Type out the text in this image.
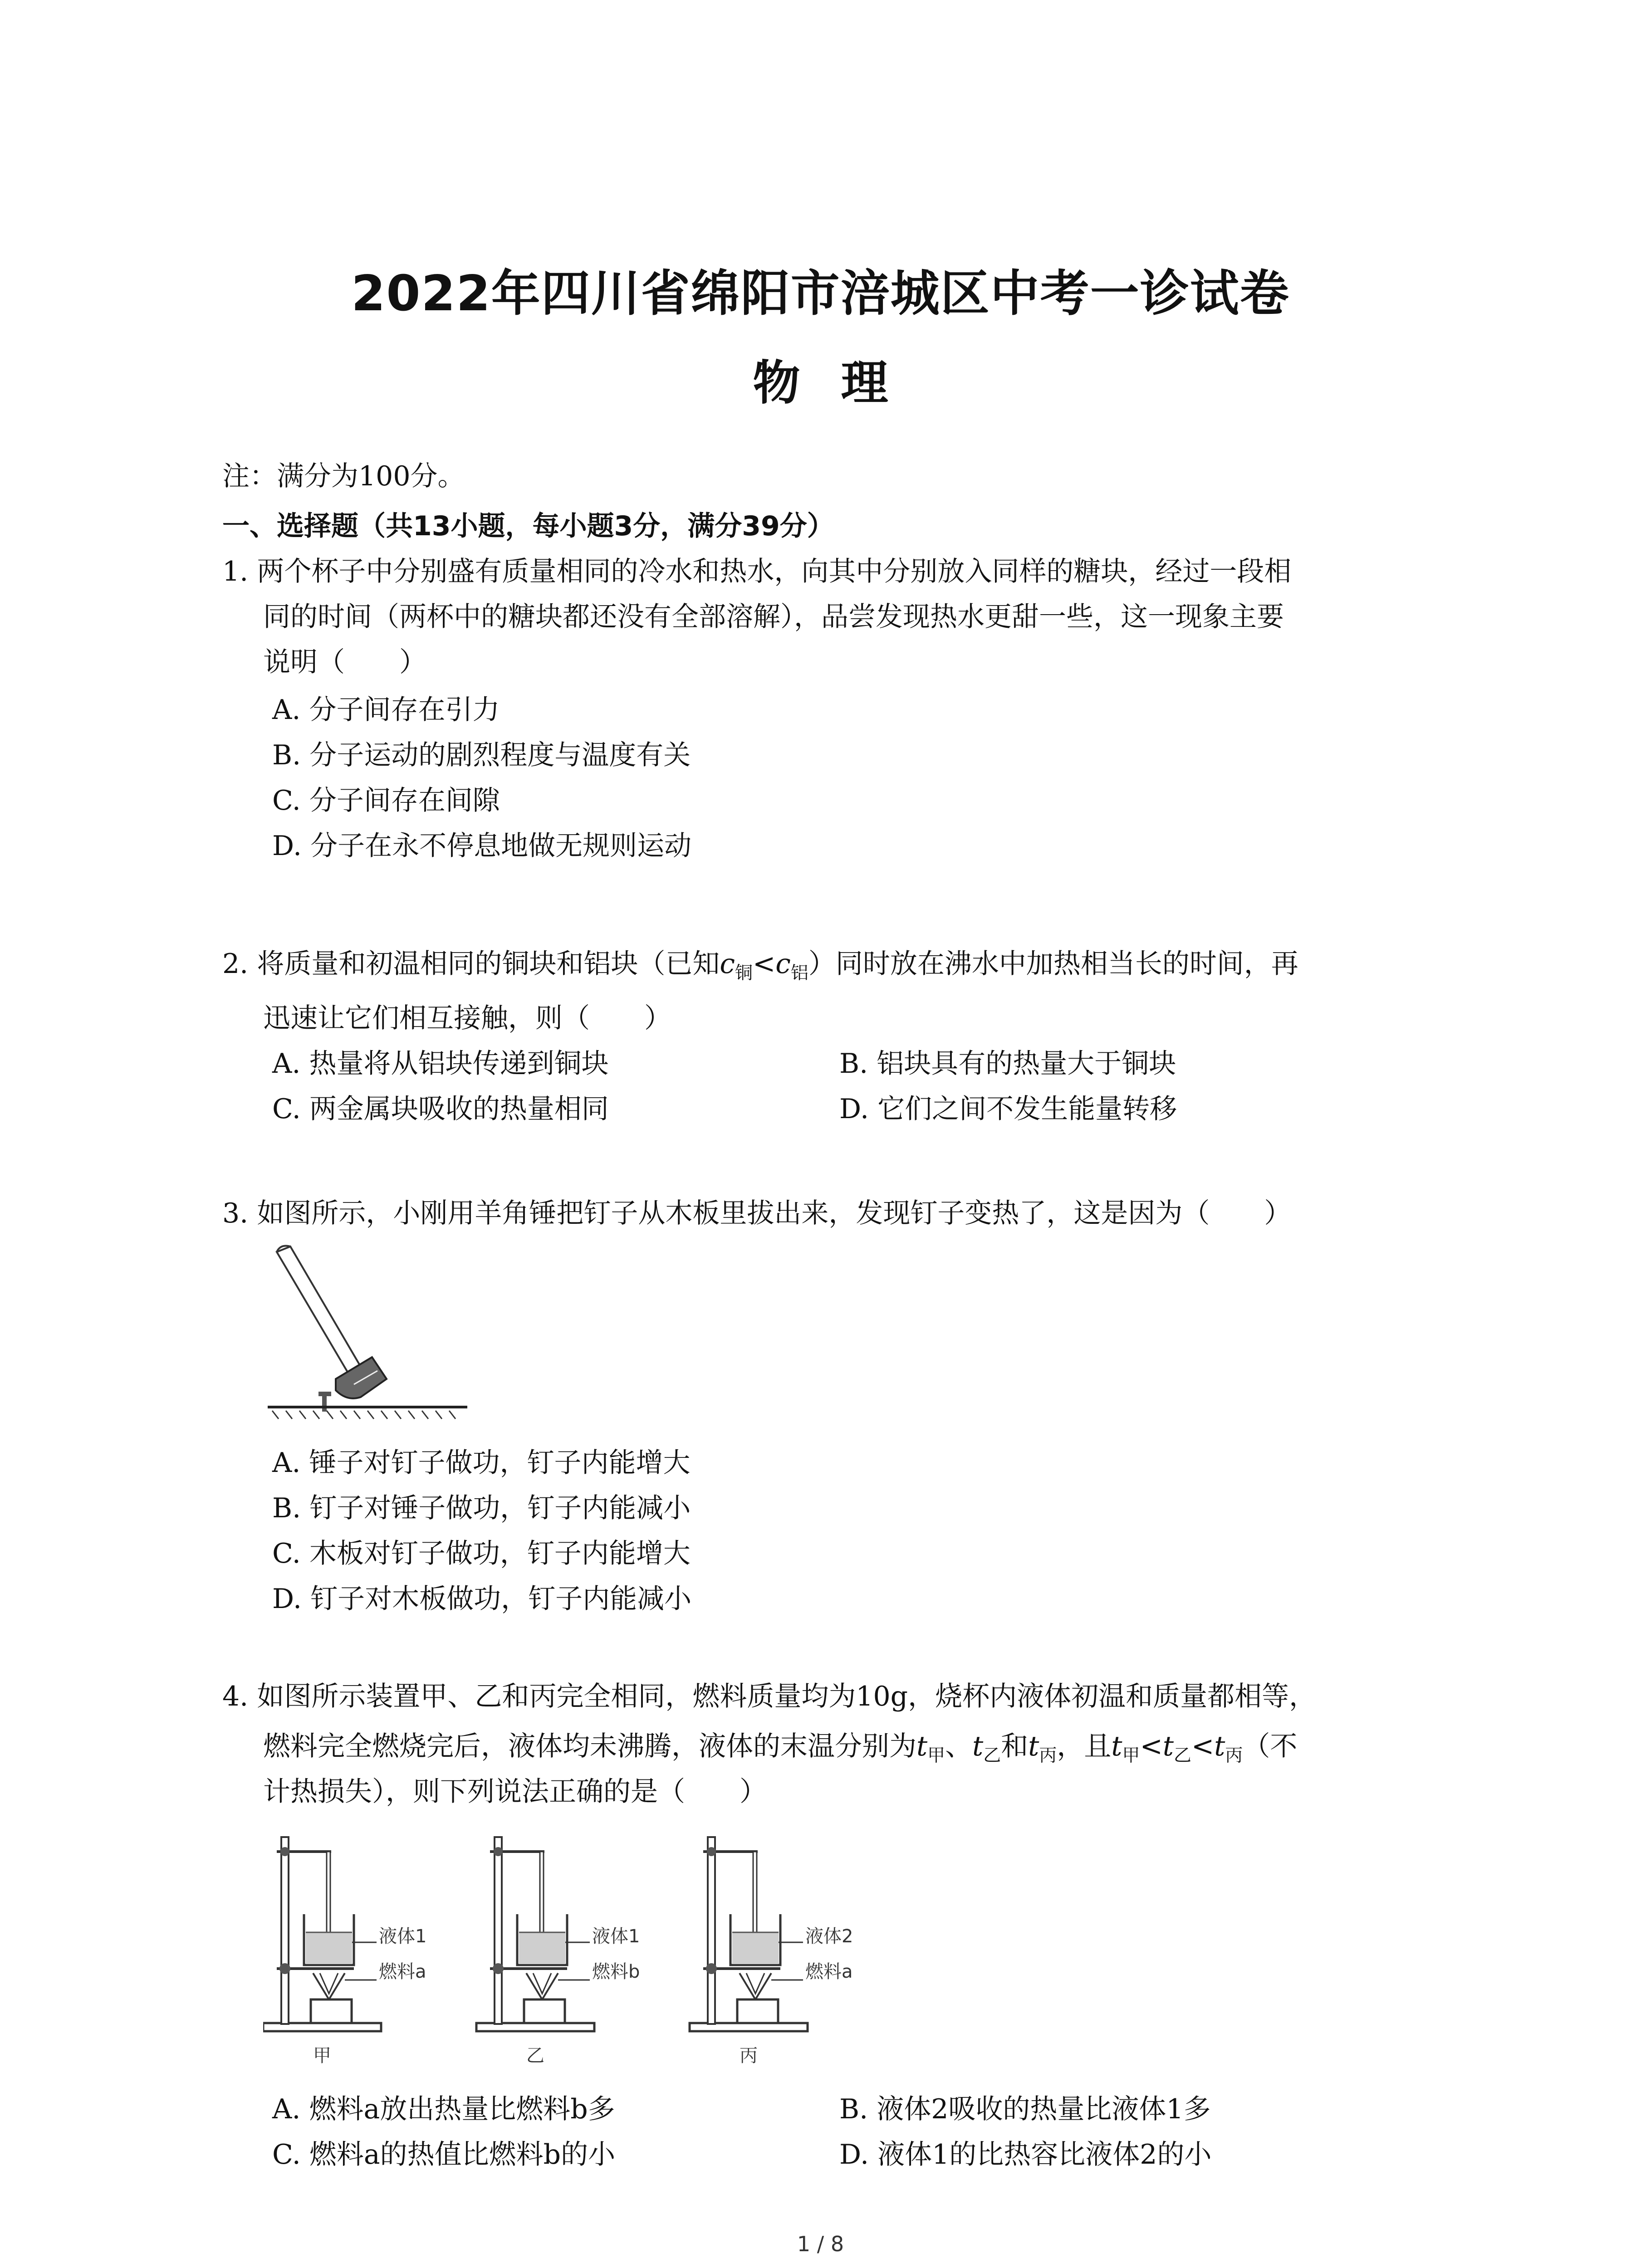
2022年四川省绵阳市涪城区中考一诊试卷
物理
注：满分为100分。
一、选择题（共13小题，每小题3分，满分39分）
1. 两个杯子中分别盛有质量相同的冷水和热水，向其中分别放入同样的糖块，经过一段相
同的时间（两杯中的糖块都还没有全部溶解），品尝发现热水更甜一些，这一现象主要
说明（　　）
A. 分子间存在引力
B. 分子运动的剧烈程度与温度有关
C. 分子间存在间隙
D. 分子在永不停息地做无规则运动
2. 将质量和初温相同的铜块和铝块（已知$c_铜<c_铝$）同时放在沸水中加热相当长的时间，再
迅速让它们相互接触，则（　　）
A. 热量将从铝块传递到铜块	B. 铝块具有的热量大于铜块
C. 两金属块吸收的热量相同	D. 它们之间不发生能量转移
3. 如图所示，小刚用羊角锤把钉子从木板里拔出来，发现钉子变热了，这是因为（　　）
A. 锤子对钉子做功，钉子内能增大
B. 钉子对锤子做功，钉子内能减小
C. 木板对钉子做功，钉子内能增大
D. 钉子对木板做功，钉子内能减小
4. 如图所示装置甲、乙和丙完全相同，燃料质量均为10g，烧杯内液体初温和质量都相等，
燃料完全燃烧完后，液体均未沸腾，液体的末温分别为$t_甲$、$t_乙$和$t_丙$，且$t_甲<t_乙<t_丙$（不
计热损失），则下列说法正确的是（　　）
液体1
燃料a
甲
液体1
燃料b
乙
液体2
燃料a
丙
A. 燃料a放出热量比燃料b多	B. 液体2吸收的热量比液体1多
C. 燃料a的热值比燃料b的小	D. 液体1的比热容比液体2的小
1 / 8
